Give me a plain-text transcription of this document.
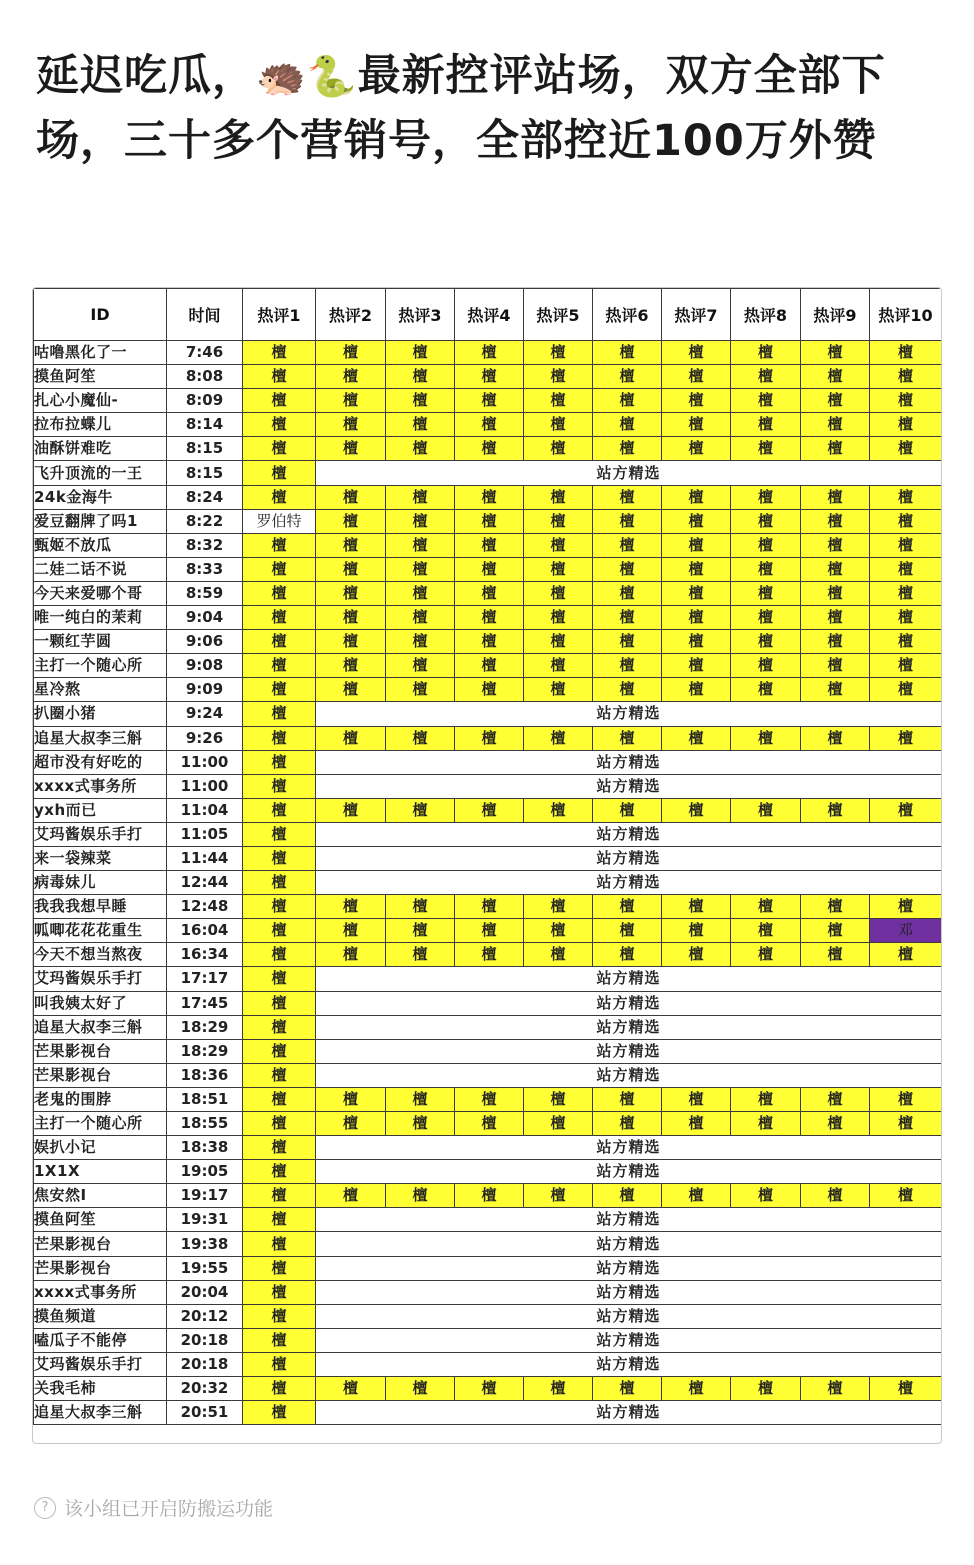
延迟吃瓜，🦔🐍最新控评站场，双方全部下场，三十多个营销号，全部控近100万外赞
ID	时间	热评1	热评2	热评3	热评4	热评5	热评6	热评7	热评8	热评9	热评10
咕噜黑化了一	7:46	檀	檀	檀	檀	檀	檀	檀	檀	檀	檀
摸鱼阿笙	8:08	檀	檀	檀	檀	檀	檀	檀	檀	檀	檀
扎心小魔仙-	8:09	檀	檀	檀	檀	檀	檀	檀	檀	檀	檀
拉布拉蝶儿	8:14	檀	檀	檀	檀	檀	檀	檀	檀	檀	檀
油酥饼难吃	8:15	檀	檀	檀	檀	檀	檀	檀	檀	檀	檀
飞升顶流的一王	8:15	檀	站方精选								
24k金海牛	8:24	檀	檀	檀	檀	檀	檀	檀	檀	檀	檀
爱豆翻牌了吗1	8:22	罗伯特	檀	檀	檀	檀	檀	檀	檀	檀	檀
甄姬不放瓜	8:32	檀	檀	檀	檀	檀	檀	檀	檀	檀	檀
二娃二话不说	8:33	檀	檀	檀	檀	檀	檀	檀	檀	檀	檀
今天来爱哪个哥	8:59	檀	檀	檀	檀	檀	檀	檀	檀	檀	檀
唯一纯白的茉莉	9:04	檀	檀	檀	檀	檀	檀	檀	檀	檀	檀
一颗红芋圆	9:06	檀	檀	檀	檀	檀	檀	檀	檀	檀	檀
主打一个随心所	9:08	檀	檀	檀	檀	檀	檀	檀	檀	檀	檀
星冷熬	9:09	檀	檀	檀	檀	檀	檀	檀	檀	檀	檀
扒圈小猪	9:24	檀	站方精选								
追星大叔李三斛	9:26	檀	檀	檀	檀	檀	檀	檀	檀	檀	檀
超市没有好吃的	11:00	檀	站方精选								
xxxx式事务所	11:00	檀	站方精选								
yxh而已	11:04	檀	檀	檀	檀	檀	檀	檀	檀	檀	檀
艾玛酱娱乐手打	11:05	檀	站方精选								
来一袋辣菜	11:44	檀	站方精选								
病毒妹儿	12:44	檀	站方精选								
我我我想早睡	12:48	檀	檀	檀	檀	檀	檀	檀	檀	檀	檀
呱唧花花花重生	16:04	檀	檀	檀	檀	檀	檀	檀	檀	檀	邓
今天不想当熬夜	16:34	檀	檀	檀	檀	檀	檀	檀	檀	檀	檀
艾玛酱娱乐手打	17:17	檀	站方精选								
叫我姨太好了	17:45	檀	站方精选								
追星大叔李三斛	18:29	檀	站方精选								
芒果影视台	18:29	檀	站方精选								
芒果影视台	18:36	檀	站方精选								
老鬼的围脖	18:51	檀	檀	檀	檀	檀	檀	檀	檀	檀	檀
主打一个随心所	18:55	檀	檀	檀	檀	檀	檀	檀	檀	檀	檀
娱扒小记	18:38	檀	站方精选								
1X1X	19:05	檀	站方精选								
焦安然I	19:17	檀	檀	檀	檀	檀	檀	檀	檀	檀	檀
摸鱼阿笙	19:31	檀	站方精选								
芒果影视台	19:38	檀	站方精选								
芒果影视台	19:55	檀	站方精选								
xxxx式事务所	20:04	檀	站方精选								
摸鱼频道	20:12	檀	站方精选								
嗑瓜子不能停	20:18	檀	站方精选								
艾玛酱娱乐手打	20:18	檀	站方精选								
关我毛柿	20:32	檀	檀	檀	檀	檀	檀	檀	檀	檀	檀
追星大叔李三斛	20:51	檀	站方精选								
? 该小组已开启防搬运功能
